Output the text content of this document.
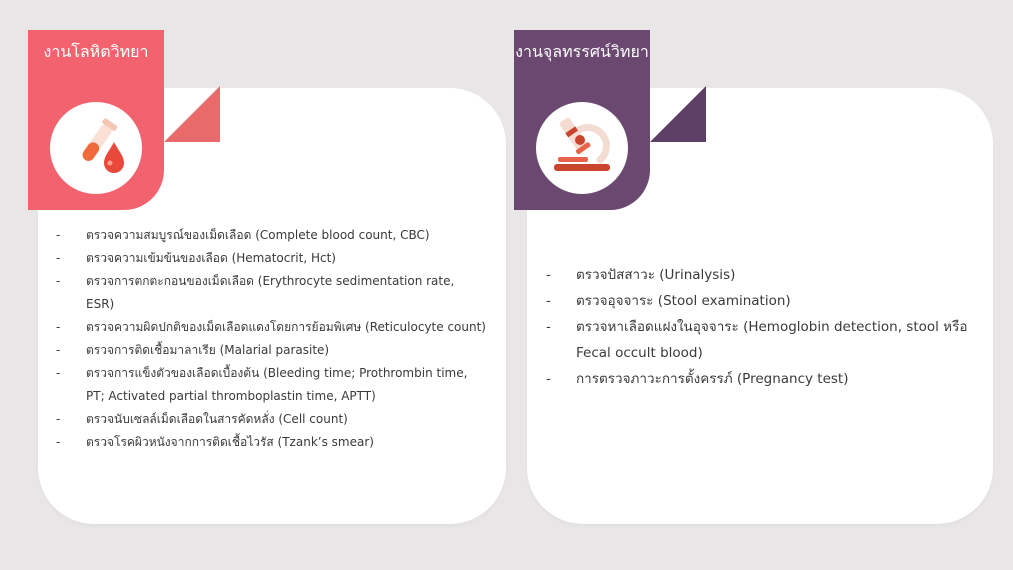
งานโลหิตวิทยา	งานจุลทรรศน์วิทยา
- ตรวจความสมบูรณ์ของเม็ดเลือด (Complete blood count, CBC)
- ตรวจความเข้มข้นของเลือด (Hematocrit, Hct)
- ตรวจการตกตะกอนของเม็ดเลือด (Erythrocyte sedimentation rate, ESR)
- ตรวจความผิดปกติของเม็ดเลือดแดงโดยการย้อมพิเศษ (Reticulocyte count)
- ตรวจการติดเชื้อมาลาเรีย (Malarial parasite)
- ตรวจการแข็งตัวของเลือดเบื้องต้น (Bleeding time; Prothrombin time, PT; Activated partial thromboplastin time, APTT)
- ตรวจนับเซลล์เม็ดเลือดในสารคัดหลั่ง (Cell count)
- ตรวจโรคผิวหนังจากการติดเชื้อไวรัส (Tzank’s smear)
- ตรวจปัสสาวะ (Urinalysis)
- ตรวจอุจจาระ (Stool examination)
- ตรวจหาเลือดแฝงในอุจจาระ (Hemoglobin detection, stool หรือ Fecal occult blood)
- การตรวจภาวะการตั้งครรภ์ (Pregnancy test)
